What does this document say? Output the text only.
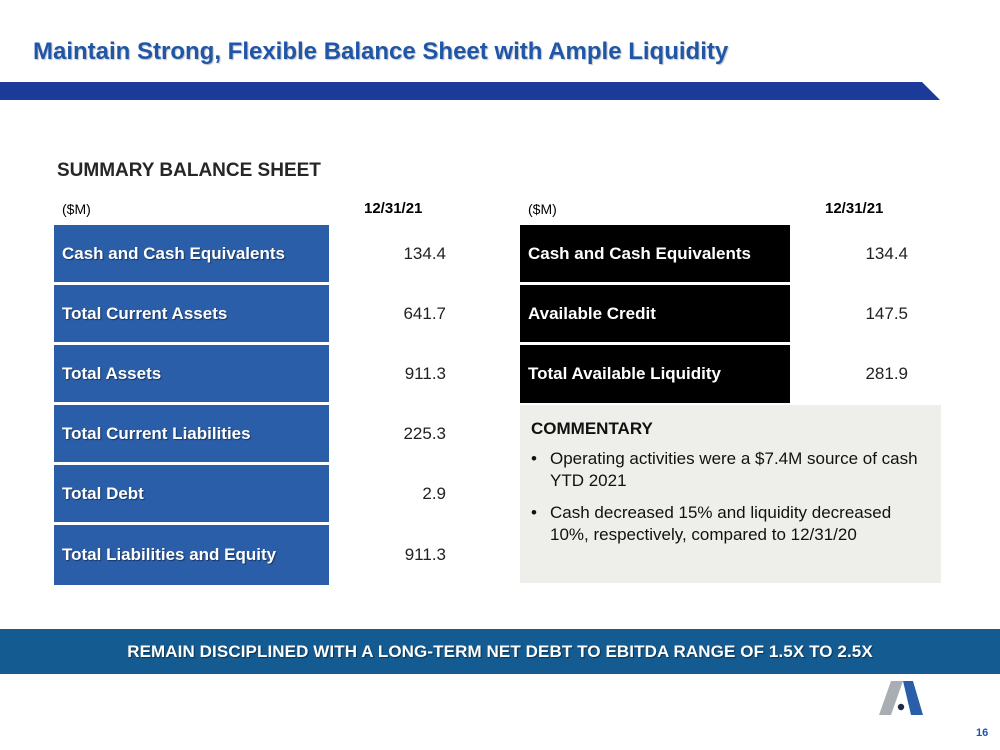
Maintain Strong, Flexible Balance Sheet with Ample Liquidity
SUMMARY BALANCE SHEET
($M)	12/31/21	($M)	12/31/21
Cash and Cash Equivalents	134.4
Total Current Assets	641.7
Total Assets	911.3
Total Current Liabilities	225.3
Total Debt	2.9
Total Liabilities and Equity	911.3
Cash and Cash Equivalents	134.4
Available Credit	147.5
Total Available Liquidity	281.9
COMMENTARY
• Operating activities were a $7.4M source of cash YTD 2021
• Cash decreased 15% and liquidity decreased 10%, respectively, compared to 12/31/20
REMAIN DISCIPLINED WITH A LONG-TERM NET DEBT TO EBITDA RANGE OF 1.5X TO 2.5X
16
